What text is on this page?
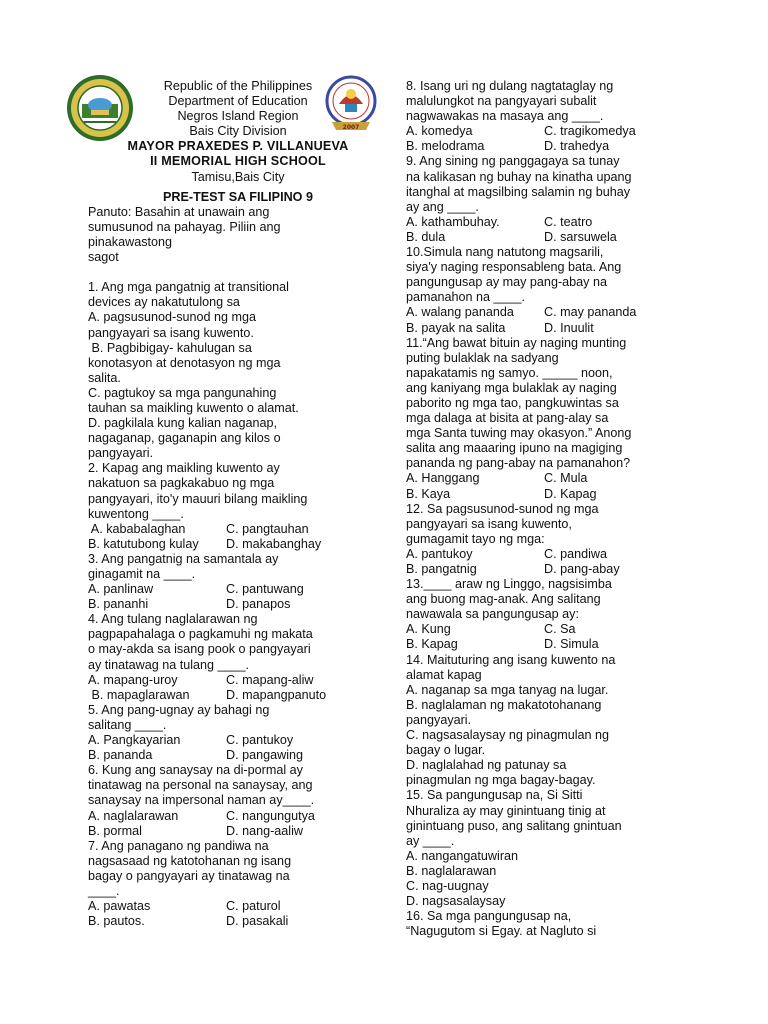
2007
Republic of the Philippines
Department of Education
Negros Island Region
Bais City Division
MAYOR PRAXEDES P. VILLANUEVA
II MEMORIAL HIGH SCHOOL
Tamisu,Bais City
PRE-TEST SA FILIPINO 9
Panuto: Basahin at unawain ang
sumusunod na pahayag. Piliin ang
pinakawastong
sagot
1. Ang mga pangatnig at transitional
devices ay nakatutulong sa
A. pagsusunod-sunod ng mga
pangyayari sa isang kuwento.
B. Pagbibigay- kahulugan sa
konotasyon at denotasyon ng mga
salita.
C. pagtukoy sa mga pangunahing
tauhan sa maikling kuwento o alamat.
D. pagkilala kung kalian naganap,
nagaganap, gaganapin ang kilos o
pangyayari.
2. Kapag ang maikling kuwento ay
nakatuon sa pagkakabuo ng mga
pangyayari, ito'y mauuri bilang maikling
kuwentong ____.
A. kababalaghan	C. pangtauhan
B. katutubong kulay	D. makabanghay
3. Ang pangatnig na samantala ay
ginagamit na ____.
A. panlinaw	C. pantuwang
B. pananhi	D. panapos
4. Ang tulang naglalarawan ng
pagpapahalaga o pagkamuhi ng makata
o may-akda sa isang pook o pangyayari
ay tinatawag na tulang ____.
A. mapang-uroy	C. mapang-aliw
B. mapaglarawan	D. mapangpanuto
5. Ang pang-ugnay ay bahagi ng
salitang ____.
A. Pangkayarian	C. pantukoy
B. pananda	D. pangawing
6. Kung ang sanaysay na di-pormal ay
tinatawag na personal na sanaysay, ang
sanaysay na impersonal naman ay____.
A. naglalarawan	C. nangungutya
B. pormal	D. nang-aaliw
7. Ang panagano ng pandiwa na
nagsasaad ng katotohanan ng isang
bagay o pangyayari ay tinatawag na
____.
A. pawatas	C. paturol
B. pautos.	D. pasakali
8. Isang uri ng dulang nagtataglay ng
malulungkot na pangyayari subalit
nagwawakas na masaya ang ____.
A. komedya	C. tragikomedya
B. melodrama	D. trahedya
9. Ang sining ng panggagaya sa tunay
na kalikasan ng buhay na kinatha upang
itanghal at magsilbing salamin ng buhay
ay ang ____.
A. kathambuhay.	C. teatro
B. dula	D. sarsuwela
10.Simula nang natutong magsarili,
siya'y naging responsableng bata. Ang
pangungusap ay may pang-abay na
pamanahon na ____.
A. walang pananda	C. may pananda
B. payak na salita	D. Inuulit
11.“Ang bawat bituin ay naging munting
puting bulaklak na sadyang
napakatamis ng samyo. _____ noon,
ang kaniyang mga bulaklak ay naging
paborito ng mga tao, pangkuwintas sa
mga dalaga at bisita at pang-alay sa
mga Santa tuwing may okasyon.” Anong
salita ang maaaring ipuno na magiging
pananda ng pang-abay na pamanahon?
A. Hanggang	C. Mula
B. Kaya	D. Kapag
12. Sa pagsusunod-sunod ng mga
pangyayari sa isang kuwento,
gumagamit tayo ng mga:
A. pantukoy	C. pandiwa
B. pangatnig	D. pang-abay
13.____ araw ng Linggo, nagsisimba
ang buong mag-anak. Ang salitang
nawawala sa pangungusap ay:
A. Kung	C. Sa
B. Kapag	D. Simula
14. Maituturing ang isang kuwento na
alamat kapag
A. naganap sa mga tanyag na lugar.
B. naglalaman ng makatotohanang
pangyayari.
C. nagsasalaysay ng pinagmulan ng
bagay o lugar.
D. naglalahad ng patunay sa
pinagmulan ng mga bagay-bagay.
15. Sa pangungusap na, Si Sitti
Nhuraliza ay may ginintuang tinig at
ginintuang puso, ang salitang gnintuan
ay ____.
A. nangangatuwiran
B. naglalarawan
C. nag-uugnay
D. nagsasalaysay
16. Sa mga pangungusap na,
“Nagugutom si Egay. at Nagluto si
